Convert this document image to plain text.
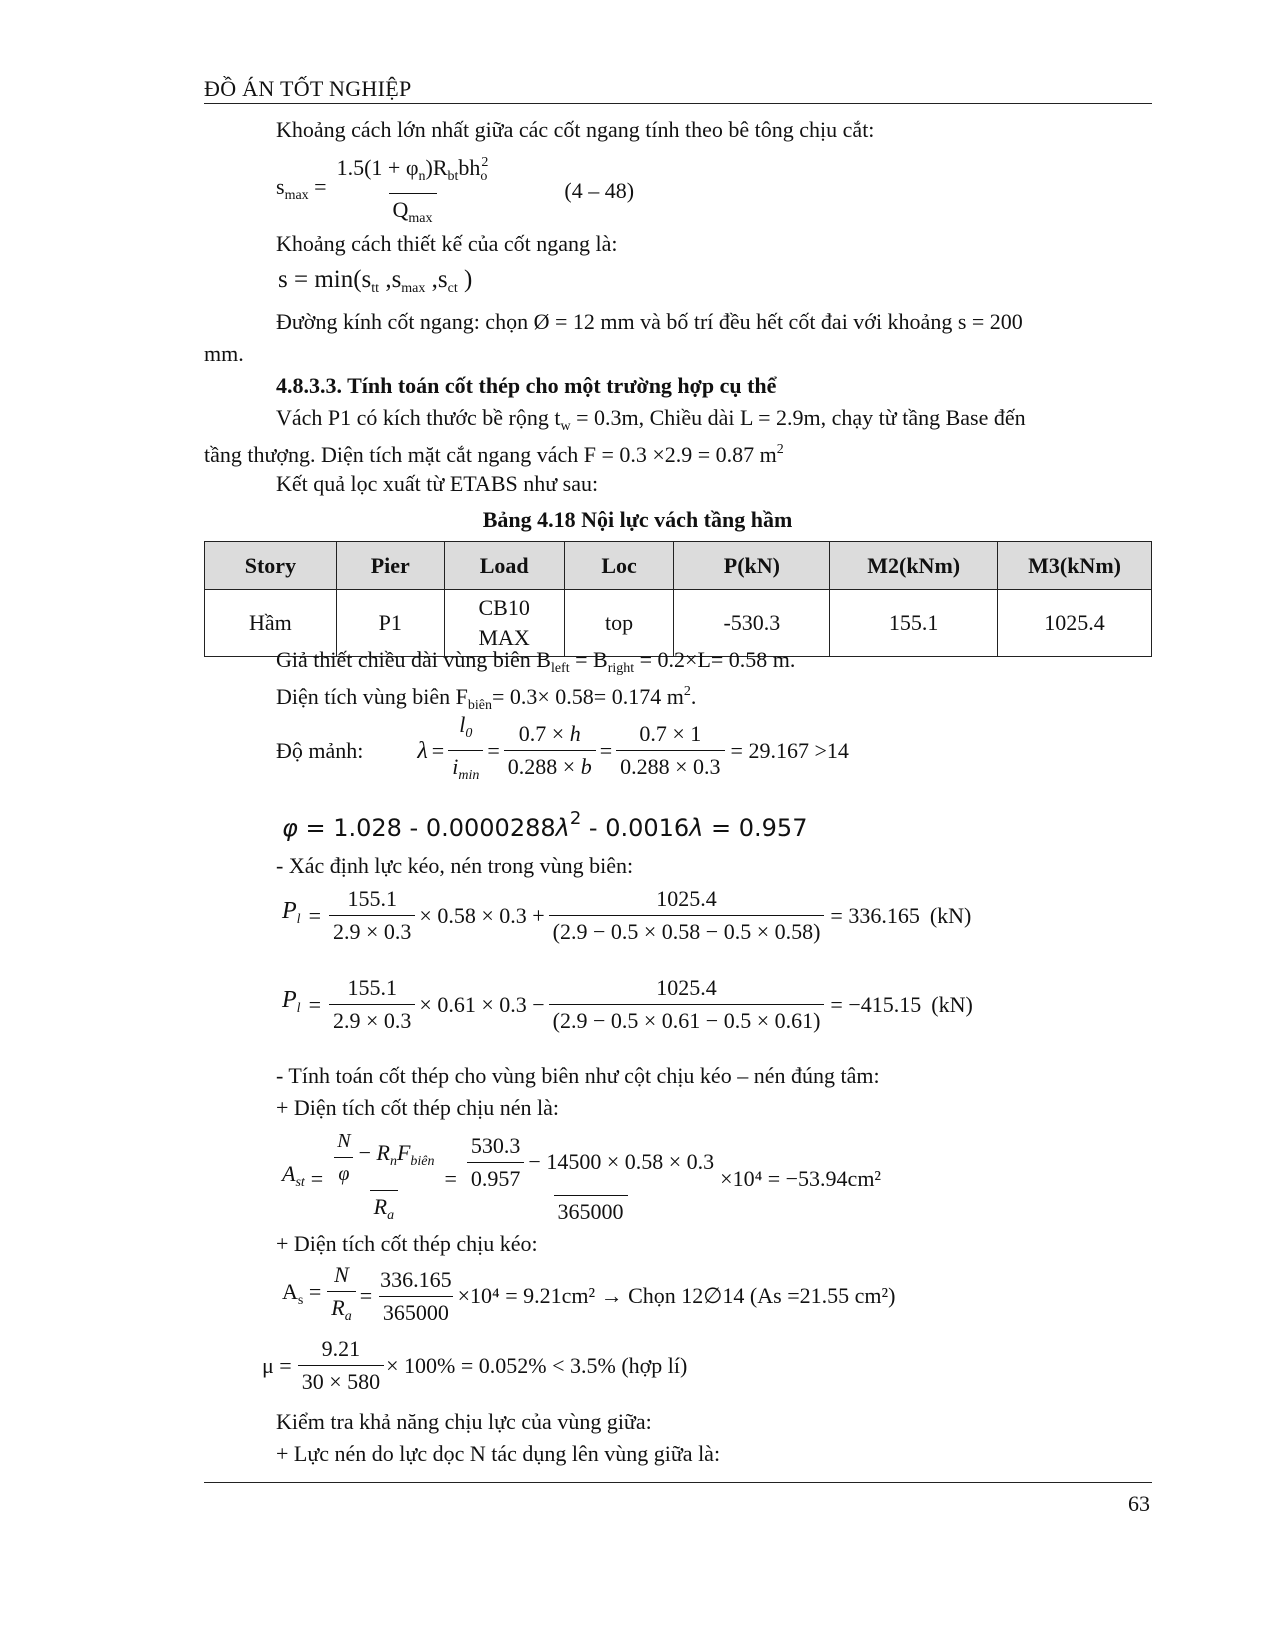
ĐỒ ÁN TỐT NGHIỆP
Khoảng cách lớn nhất giữa các cốt ngang tính theo bê tông chịu cắt:
$s_{max} = \frac{1.5(1 + \varphi_n)R_{bt}bh_o^2}{Q_{max}}$	(4 – 48)
Khoảng cách thiết kế của cốt ngang là:
$s = \min(s_{tt}$ $,s_{max}$ $,s_{ct}$ )
Đường kính cốt ngang: chọn Ø = 12 mm và bố trí đều hết cốt đai với khoảng s = 200
mm.
4.8.3.3. Tính toán cốt thép cho một trường hợp cụ thể
Vách P1 có kích thước bề rộng $t_w = 0.3m$, Chiều dài L = 2.9m, chạy từ tầng Base đến
tầng thượng. Diện tích mặt cắt ngang vách F = 0.3 ×2.9 = 0.87 $m^2$
Kết quả lọc xuất từ ETABS như sau:
Bảng 4.18 Nội lực vách tầng hầm
Story	Pier	Load	Loc	P(kN)	M2(kNm)	M3(kNm)
Hầm	P1	CB10 MAX	top	-530.3	155.1	1025.4
Giả thiết chiều dài vùng biên $B_{left} = B_{right} = 0.2\times L= 0.58$ m.
Diện tích vùng biên $F_{biên}= 0.3\times 0.58= 0.174$ $m^2$.
Độ mảnh: $\lambda = \frac{l_0}{i_{min}} = \frac{0.7 \times h}{0.288 \times b} = \frac{0.7 \times 1}{0.288 \times 0.3} = 29.167 >14$
$\varphi = 1.028 - 0.0000288\lambda^2 - 0.0016\lambda = 0.957$
- Xác định lực kéo, nén trong vùng biên:
$P_l = \frac{155.1}{2.9 \times 0.3} \times 0.58 \times 0.3 + \frac{1025.4}{(2.9 - 0.5 \times 0.58 - 0.5 \times 0.58)} = 336.165$ (kN)
$P_l = \frac{155.1}{2.9 \times 0.3} \times 0.61 \times 0.3 - \frac{1025.4}{(2.9 - 0.5 \times 0.61 - 0.5 \times 0.61)} = -415.15$ (kN)
- Tính toán cốt thép cho vùng biên như cột chịu kéo – nén đúng tâm:
+ Diện tích cốt thép chịu nén là:
$A_{st} = \frac{\frac{N}{\varphi} - R_nF_{biên}}{R_a} = \frac{\frac{530.3}{0.957} - 14500 \times 0.58 \times 0.3}{365000} \times 10^4 = -53.94cm^2$
+ Diện tích cốt thép chịu kéo:
$A_s = \frac{N}{R_a} = \frac{336.165}{365000} \times 10^4 = 9.21cm^2$ → Chọn 12∅14 (As =21.55 cm²)
$\mu = \frac{9.21}{30 \times 580} \times 100\% = 0.052\% < 3.5\%$ (hợp lí)
Kiểm tra khả năng chịu lực của vùng giữa:
+ Lực nén do lực dọc N tác dụng lên vùng giữa là:
63
